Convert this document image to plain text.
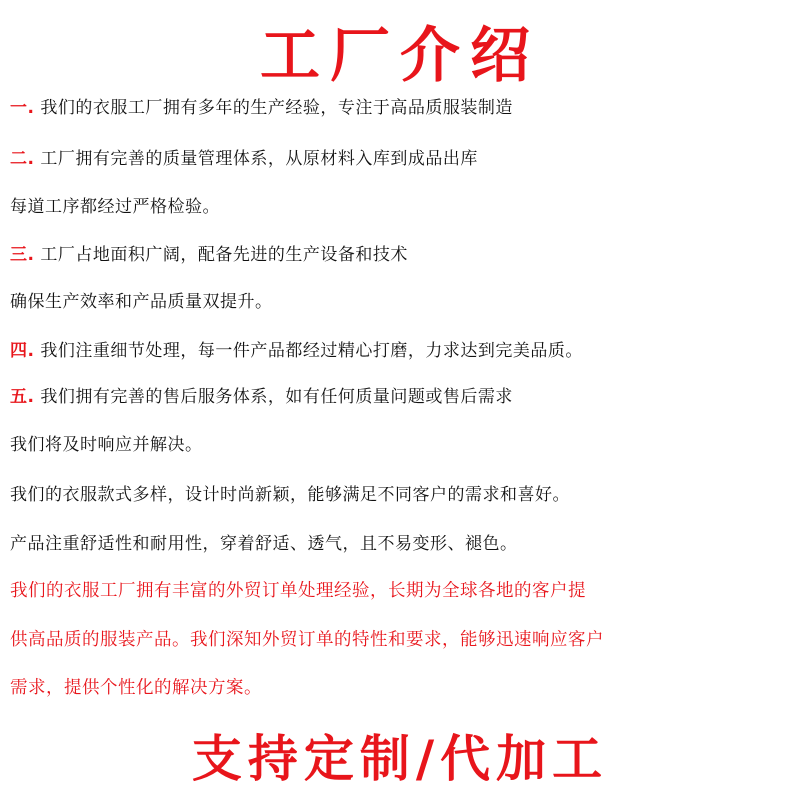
工厂介绍
一. 我们的衣服工厂拥有多年的生产经验，专注于高品质服装制造
二. 工厂拥有完善的质量管理体系，从原材料入库到成品出库
每道工序都经过严格检验。
三. 工厂占地面积广阔，配备先进的生产设备和技术
确保生产效率和产品质量双提升。
四. 我们注重细节处理，每一件产品都经过精心打磨，力求达到完美品质。
五. 我们拥有完善的售后服务体系，如有任何质量问题或售后需求
我们将及时响应并解决。
我们的衣服款式多样，设计时尚新颖，能够满足不同客户的需求和喜好。
产品注重舒适性和耐用性，穿着舒适、透气，且不易变形、褪色。
我们的衣服工厂拥有丰富的外贸订单处理经验，长期为全球各地的客户提
供高品质的服装产品。我们深知外贸订单的特性和要求，能够迅速响应客户
需求，提供个性化的解决方案。
支持定制/代加工
